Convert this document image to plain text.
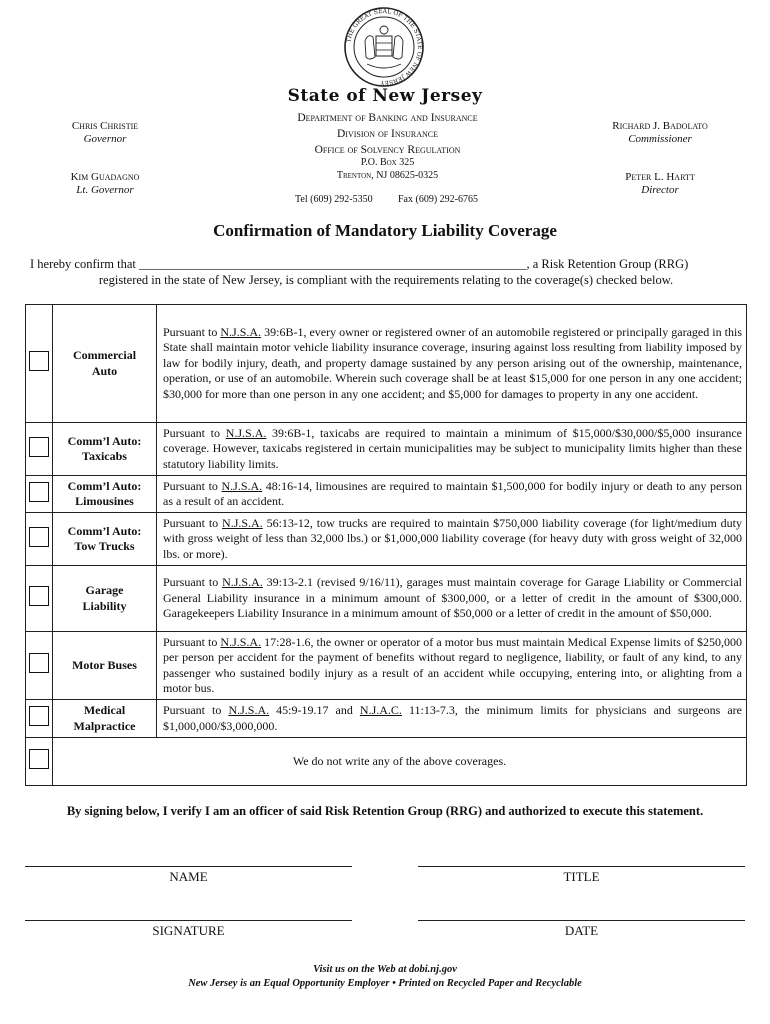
THE GREAT SEAL OF THE STATE OF NEW JERSEY
State of New Jersey
Chris Christie
Governor
Kim Guadagno
Lt. Governor
Department of Banking and Insurance
Division of Insurance
Office of Solvency Regulation
P.O. Box 325
Trenton, NJ 08625-0325
Tel (609) 292-5350	Fax (609) 292-6765
Richard J. Badolato
Commissioner
Peter L. Hartt
Director
Confirmation of Mandatory Liability Coverage
I hereby confirm that ______________________________________________________________, a Risk Retention Group (RRG)
registered in the state of New Jersey, is compliant with the requirements relating to the coverage(s) checked below.

	Commercial
Auto	Pursuant to N.J.S.A. 39:6B-1, every owner or registered owner of an automobile registered or principally garaged in this State shall maintain motor vehicle liability insurance coverage, insuring against loss resulting from liability imposed by law for bodily injury, death, and property damage sustained by any person arising out of the ownership, maintenance, operation, or use of an automobile. Wherein such coverage shall be at least $15,000 for one person in any one accident; $30,000 for more than one person in any one accident; and $5,000 for damages to property in any one accident.

	Comm’l Auto:
Taxicabs	Pursuant to N.J.S.A. 39:6B-1, taxicabs are required to maintain a minimum of $15,000/$30,000/$5,000 insurance coverage. However, taxicabs registered in certain municipalities may be subject to municipality limits higher than these statutory liability limits.

	Comm’l Auto:
Limousines	Pursuant to N.J.S.A. 48:16-14, limousines are required to maintain $1,500,000 for bodily injury or death to any person as a result of an accident.

	Comm’l Auto:
Tow Trucks	Pursuant to N.J.S.A. 56:13-12, tow trucks are required to maintain $750,000 liability coverage (for light/medium duty with gross weight of less than 32,000 lbs.) or $1,000,000 liability coverage (for heavy duty with gross weight of 32,000 lbs. or more).

	Garage
Liability	Pursuant to N.J.S.A. 39:13-2.1 (revised 9/16/11), garages must maintain coverage for Garage Liability or Commercial General Liability insurance in a minimum amount of $300,000, or a letter of credit in the amount of $300,000. Garagekeepers Liability Insurance in a minimum amount of $50,000 or a letter of credit in the amount of $50,000.

	Motor Buses	Pursuant to N.J.S.A. 17:28-1.6, the owner or operator of a motor bus must maintain Medical Expense limits of $250,000 per person per accident for the payment of benefits without regard to negligence, liability, or fault of any kind, to any passenger who sustained bodily injury as a result of an accident while occupying, entering into, or alighting from a motor bus.

	Medical
Malpractice	Pursuant to N.J.S.A. 45:9-19.17 and N.J.A.C. 11:13-7.3, the minimum limits for physicians and surgeons are $1,000,000/$3,000,000.
	We do not write any of the above coverages.	
By signing below, I verify I am an officer of said Risk Retention Group (RRG) and authorized to execute this statement.
NAME	TITLE
SIGNATURE	DATE
Visit us on the Web at dobi.nj.gov
New Jersey is an Equal Opportunity Employer • Printed on Recycled Paper and Recyclable
